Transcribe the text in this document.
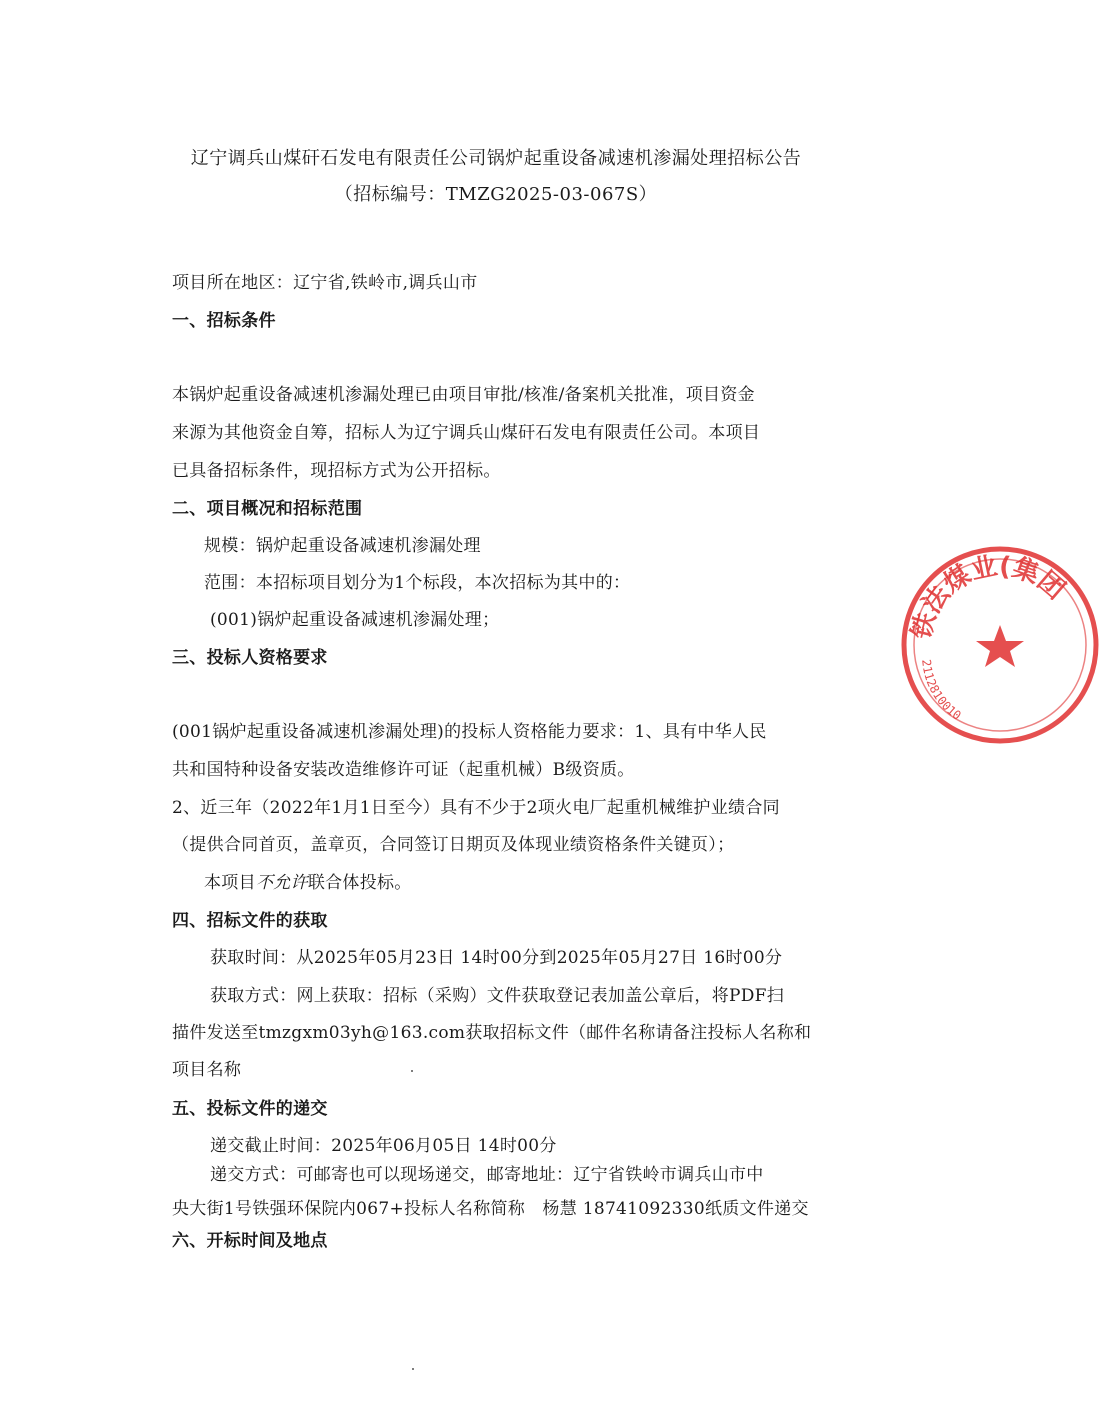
辽宁调兵山煤矸石发电有限责任公司锅炉起重设备减速机渗漏处理招标公告
（招标编号：TMZG2025-03-067S）
项目所在地区：辽宁省,铁岭市,调兵山市
一、招标条件
本锅炉起重设备减速机渗漏处理已由项目审批/核准/备案机关批准，项目资金
来源为其他资金自筹，招标人为辽宁调兵山煤矸石发电有限责任公司。本项目
已具备招标条件，现招标方式为公开招标。
二、项目概况和招标范围
规模：锅炉起重设备减速机渗漏处理
范围：本招标项目划分为1个标段，本次招标为其中的：
(001)锅炉起重设备减速机渗漏处理；
三、投标人资格要求
(001锅炉起重设备减速机渗漏处理)的投标人资格能力要求：1、具有中华人民
共和国特种设备安装改造维修许可证（起重机械）B级资质。
2、近三年（2022年1月1日至今）具有不少于2项火电厂起重机械维护业绩合同
（提供合同首页，盖章页，合同签订日期页及体现业绩资格条件关键页）；
本项目不允许联合体投标。
四、招标文件的获取
获取时间：从2025年05月23日 14时00分到2025年05月27日 16时00分
获取方式：网上获取：招标（采购）文件获取登记表加盖公章后，将PDF扫
描件发送至tmzgxm03yh@163.com获取招标文件（邮件名称请备注投标人名称和
项目名称
五、投标文件的递交
递交截止时间：2025年06月05日 14时00分
递交方式：可邮寄也可以现场递交，邮寄地址：辽宁省铁岭市调兵山市中
央大街1号铁强环保院内067+投标人名称简称　杨慧 18741092330纸质文件递交
六、开标时间及地点
铁法煤业(集团
2112810010
